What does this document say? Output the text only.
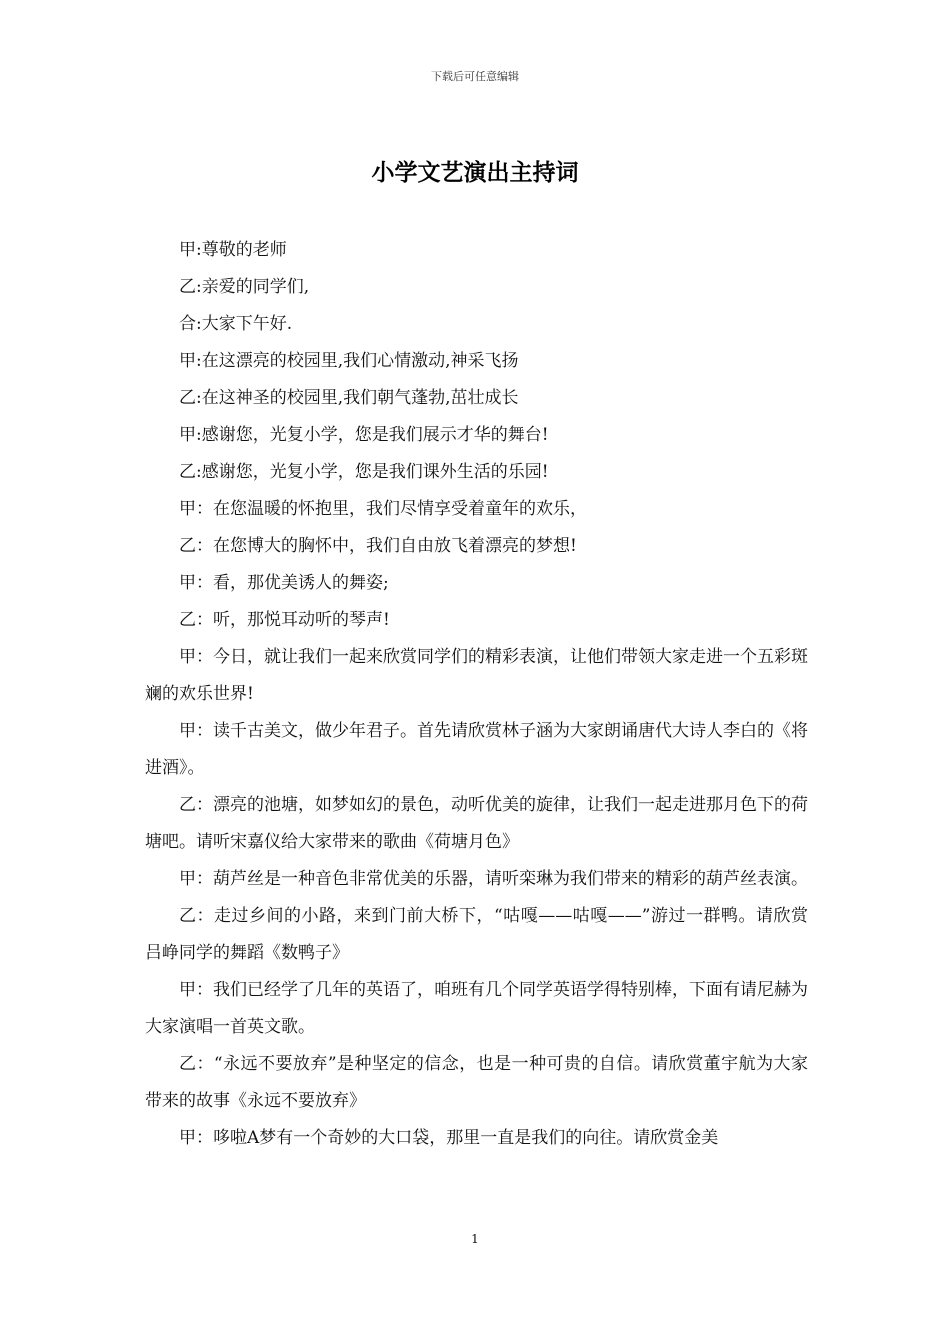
下载后可任意编辑
小学文艺演出主持词

甲:尊敬的老师

乙:亲爱的同学们,

合:大家下午好.

甲:在这漂亮的校园里,我们心情激动,神采飞扬

乙:在这神圣的校园里,我们朝气蓬勃,茁壮成长

甲:感谢您，光复小学，您是我们展示才华的舞台!

乙:感谢您，光复小学，您是我们课外生活的乐园!

甲：在您温暖的怀抱里，我们尽情享受着童年的欢乐，

乙：在您博大的胸怀中，我们自由放飞着漂亮的梦想!

甲：看，那优美诱人的舞姿;

乙：听，那悦耳动听的琴声!

甲：今日，就让我们一起来欣赏同学们的精彩表演，让他们带领大家走进一个五彩斑斓的欢乐世界!

甲：读千古美文，做少年君子。首先请欣赏林子涵为大家朗诵唐代大诗人李白的《将进酒》。

乙：漂亮的池塘，如梦如幻的景色，动听优美的旋律，让我们一起走进那月色下的荷塘吧。请听宋嘉仪给大家带来的歌曲《荷塘月色》

甲：葫芦丝是一种音色非常优美的乐器，请听栾琳为我们带来的精彩的葫芦丝表演。

乙：走过乡间的小路，来到门前大桥下，“咕嘎——咕嘎——”游过一群鸭。请欣赏吕峥同学的舞蹈《数鸭子》

甲：我们已经学了几年的英语了，咱班有几个同学英语学得特别棒，下面有请尼赫为大家演唱一首英文歌。

乙：“永远不要放弃”是种坚定的信念，也是一种可贵的自信。请欣赏董宇航为大家带来的故事《永远不要放弃》

甲：哆啦A梦有一个奇妙的大口袋，那里一直是我们的向往。请欣赏金美

1
